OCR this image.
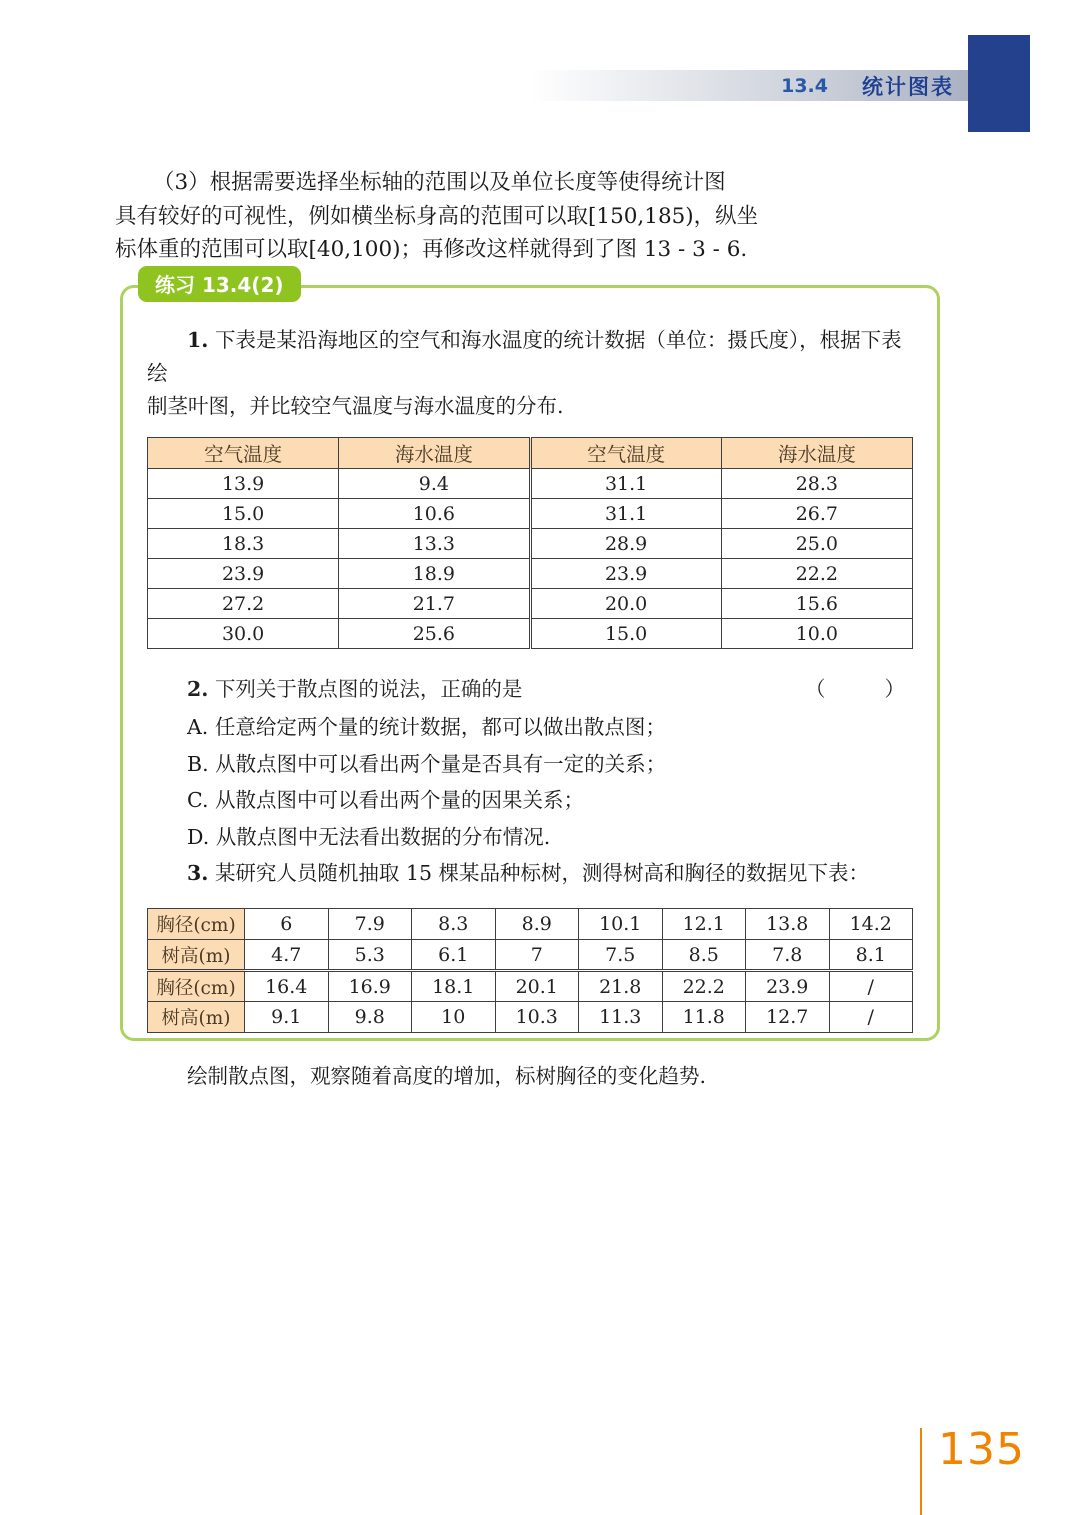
13.4 统计图表

（3）根据需要选择坐标轴的范围以及单位长度等使得统计图

具有较好的可视性，例如横坐标身高的范围可以取[150,185)，纵坐

标体重的范围可以取[40,100)；再修改这样就得到了图 13 - 3 - 6.

练习 13.4(2)

1. 下表是某沿海地区的空气和海水温度的统计数据（单位：摄氏度），根据下表绘

制茎叶图，并比较空气温度与海水温度的分布.

空气温度	海水温度	空气温度	海水温度
13.9	9.4	31.1	28.3
15.0	10.6	31.1	26.7
18.3	13.3	28.9	25.0
23.9	18.9	23.9	22.2
27.2	21.7	20.0	15.6
30.0	25.6	15.0	10.0
2. 下列关于散点图的说法，正确的是	（　　）

A. 任意给定两个量的统计数据，都可以做出散点图；

B. 从散点图中可以看出两个量是否具有一定的关系；

C. 从散点图中可以看出两个量的因果关系；

D. 从散点图中无法看出数据的分布情况.

3. 某研究人员随机抽取 15 棵某品种标树，测得树高和胸径的数据见下表：

胸径(cm)	6	7.9	8.3	8.9	10.1	12.1	13.8	14.2
树高(m)	4.7	5.3	6.1	7	7.5	8.5	7.8	8.1
胸径(cm)	16.4	16.9	18.1	20.1	21.8	22.2	23.9	/
树高(m)	9.1	9.8	10	10.3	11.3	11.8	12.7	/

绘制散点图，观察随着高度的增加，标树胸径的变化趋势.

135
